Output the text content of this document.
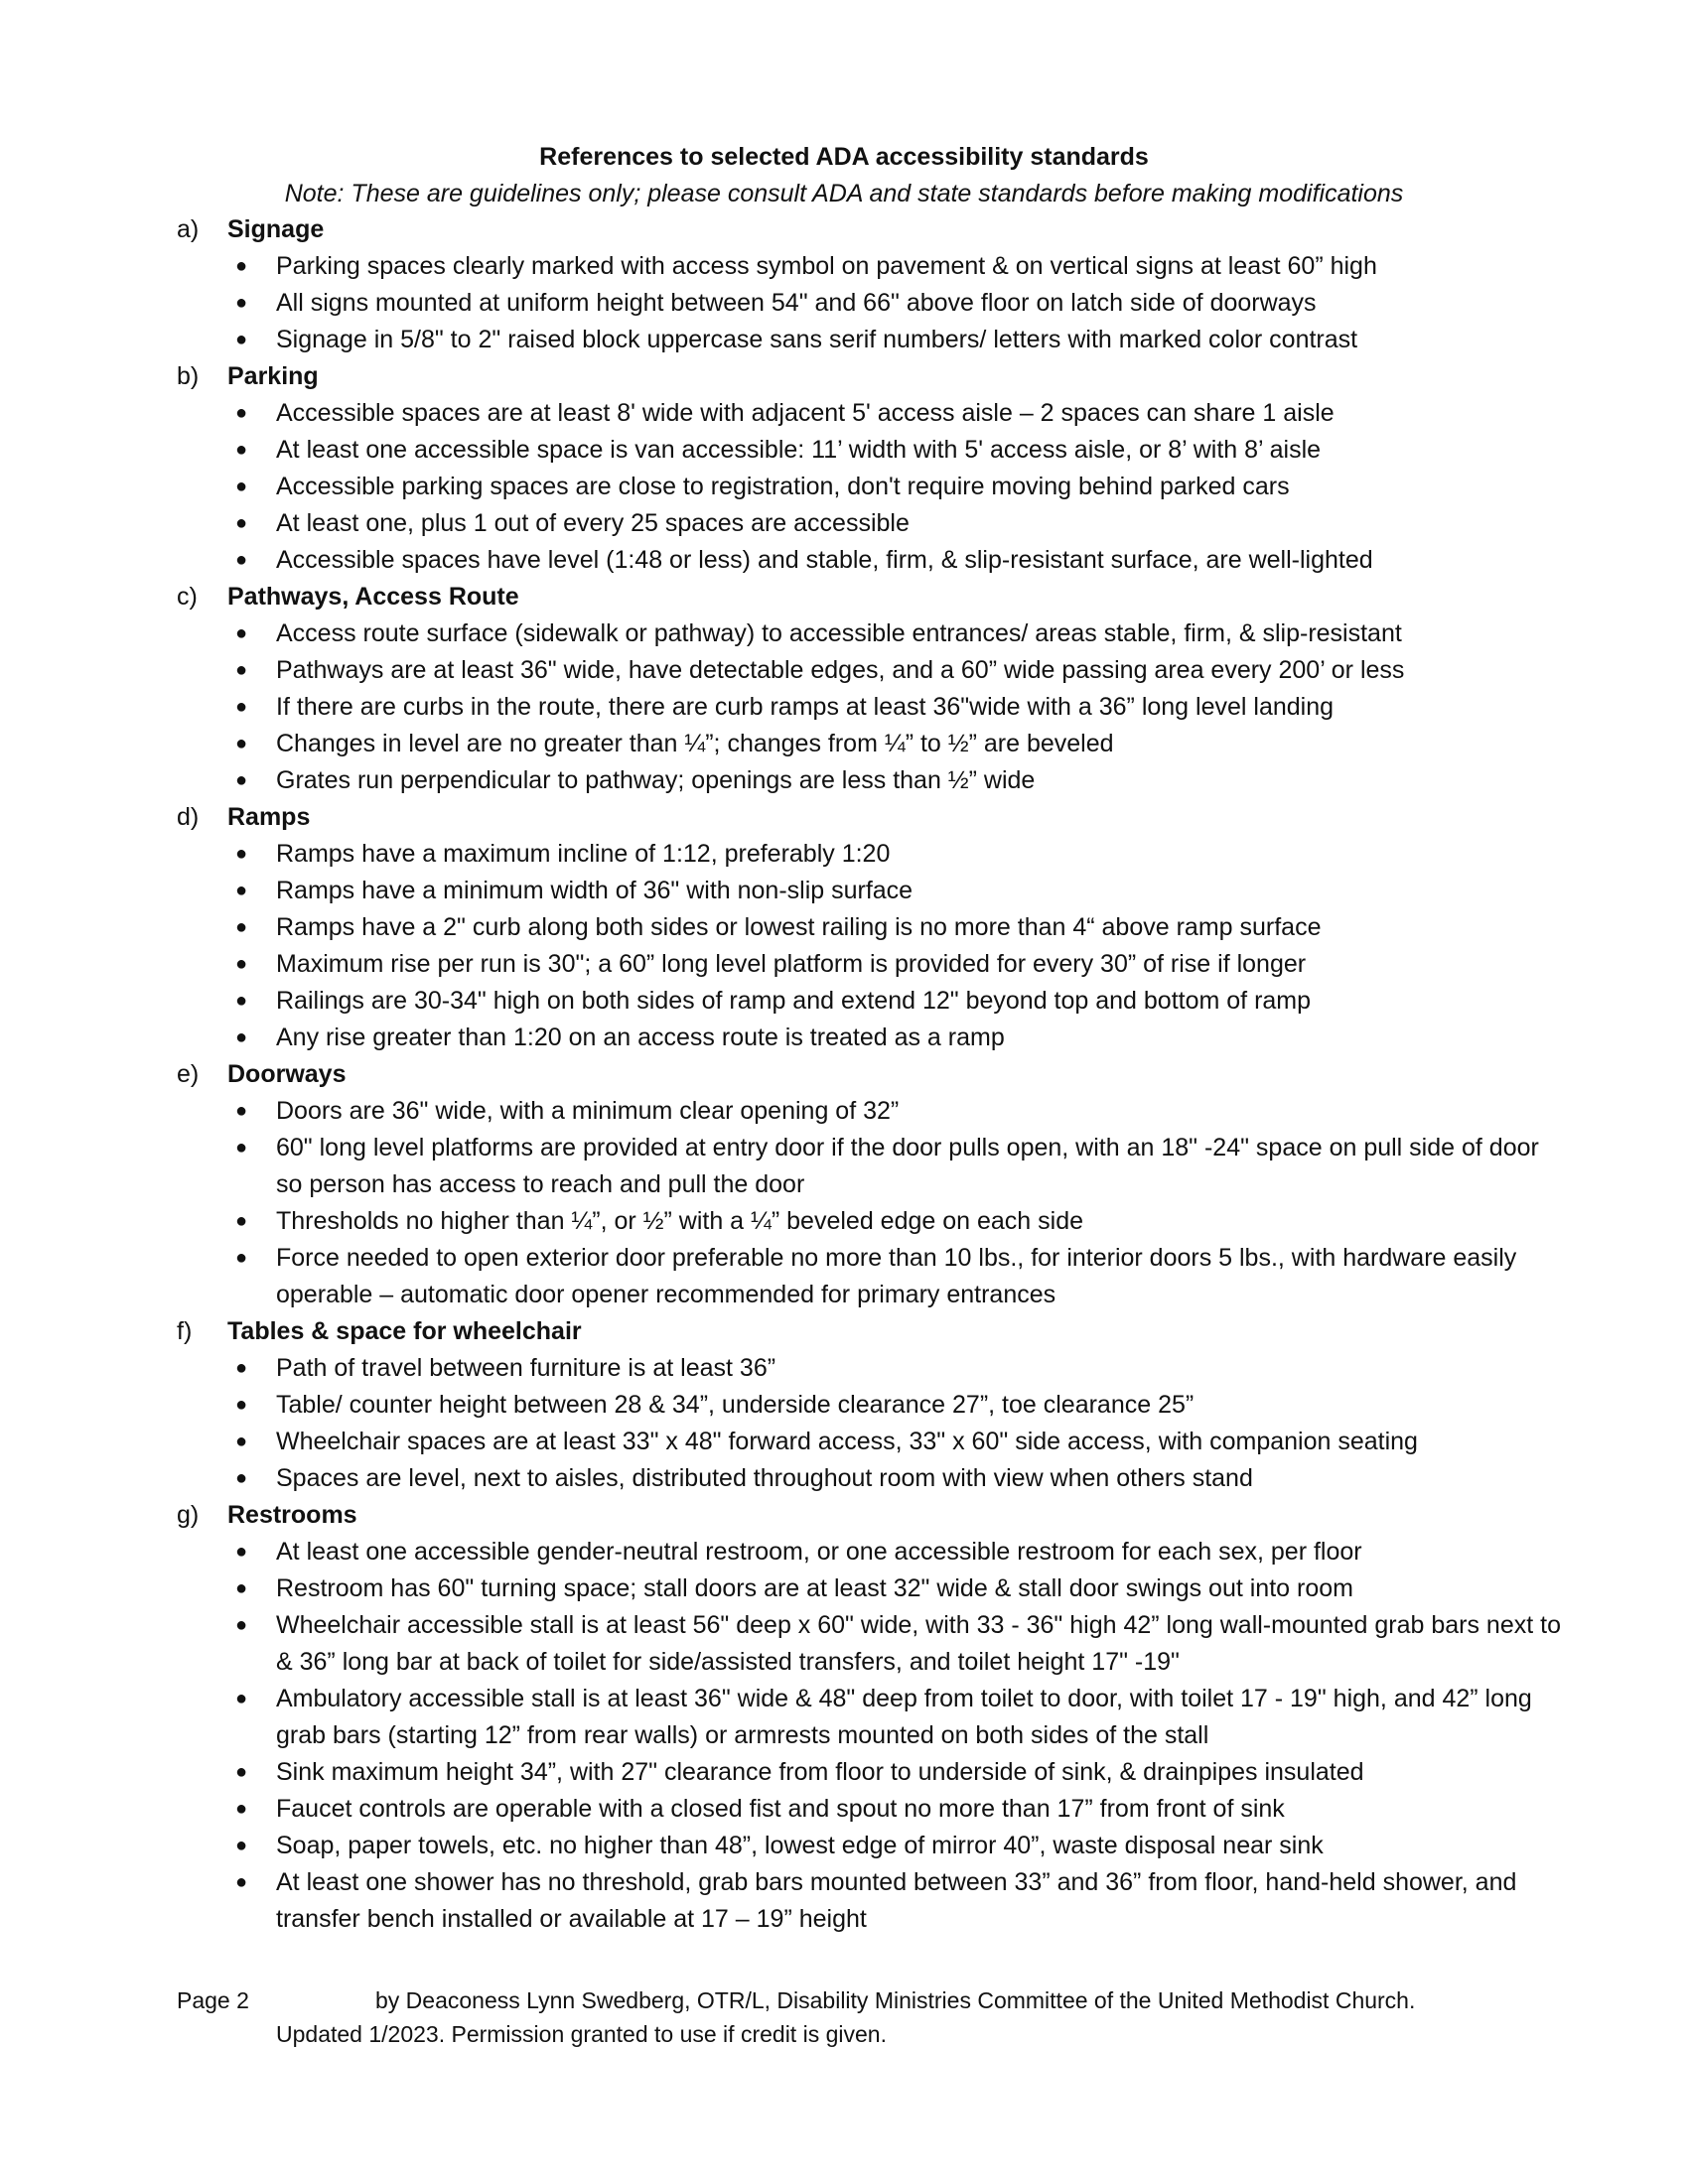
References to selected ADA accessibility standards
Note: These are guidelines only; please consult ADA and state standards before making modifications
a)	Signage
● Parking spaces clearly marked with access symbol on pavement & on vertical signs at least 60” high
● All signs mounted at uniform height between 54" and 66" above floor on latch side of doorways
● Signage in 5/8" to 2" raised block uppercase sans serif numbers/ letters with marked color contrast
b)	Parking
● Accessible spaces are at least 8' wide with adjacent 5' access aisle – 2 spaces can share 1 aisle
● At least one accessible space is van accessible: 11’ width with 5' access aisle, or 8’ with 8’ aisle
● Accessible parking spaces are close to registration, don't require moving behind parked cars
● At least one, plus 1 out of every 25 spaces are accessible
● Accessible spaces have level (1:48 or less) and stable, firm, & slip-resistant surface, are well-lighted
c)	Pathways, Access Route
● Access route surface (sidewalk or pathway) to accessible entrances/ areas stable, firm, & slip-resistant
● Pathways are at least 36" wide, have detectable edges, and a 60” wide passing area every 200’ or less
● If there are curbs in the route, there are curb ramps at least 36"wide with a 36” long level landing
● Changes in level are no greater than ¼”; changes from ¼” to ½” are beveled
● Grates run perpendicular to pathway; openings are less than ½” wide
d)	Ramps
● Ramps have a maximum incline of 1:12, preferably 1:20
● Ramps have a minimum width of 36" with non-slip surface
● Ramps have a 2" curb along both sides or lowest railing is no more than 4“ above ramp surface
● Maximum rise per run is 30"; a 60” long level platform is provided for every 30” of rise if longer
● Railings are 30-34" high on both sides of ramp and extend 12" beyond top and bottom of ramp
● Any rise greater than 1:20 on an access route is treated as a ramp
e)	Doorways
● Doors are 36" wide, with a minimum clear opening of 32”
● 60" long level platforms are provided at entry door if the door pulls open, with an 18" -24" space on pull side of door so person has access to reach and pull the door
● Thresholds no higher than ¼”, or ½” with a ¼” beveled edge on each side
● Force needed to open exterior door preferable no more than 10 lbs., for interior doors 5 lbs., with hardware easily operable – automatic door opener recommended for primary entrances
f)	Tables & space for wheelchair
● Path of travel between furniture is at least 36”
● Table/ counter height between 28 & 34”, underside clearance 27”, toe clearance 25”
● Wheelchair spaces are at least 33" x 48" forward access, 33" x 60" side access, with companion seating
● Spaces are level, next to aisles, distributed throughout room with view when others stand
g)	Restrooms
● At least one accessible gender-neutral restroom, or one accessible restroom for each sex, per floor
● Restroom has 60" turning space; stall doors are at least 32" wide & stall door swings out into room
● Wheelchair accessible stall is at least 56" deep x 60" wide, with 33 - 36" high 42” long wall-mounted grab bars next to & 36” long bar at back of toilet for side/assisted transfers, and toilet height 17" -19"
● Ambulatory accessible stall is at least 36" wide & 48" deep from toilet to door, with toilet 17 - 19" high, and 42” long grab bars (starting 12” from rear walls) or armrests mounted on both sides of the stall
● Sink maximum height 34”, with 27" clearance from floor to underside of sink, & drainpipes insulated
● Faucet controls are operable with a closed fist and spout no more than 17” from front of sink
● Soap, paper towels, etc. no higher than 48”, lowest edge of mirror 40”, waste disposal near sink
● At least one shower has no threshold, grab bars mounted between 33” and 36” from floor, hand-held shower, and transfer bench installed or available at 17 – 19” height
Page 2	by Deaconess Lynn Swedberg, OTR/L, Disability Ministries Committee of the United Methodist Church.
Updated 1/2023. Permission granted to use if credit is given.
